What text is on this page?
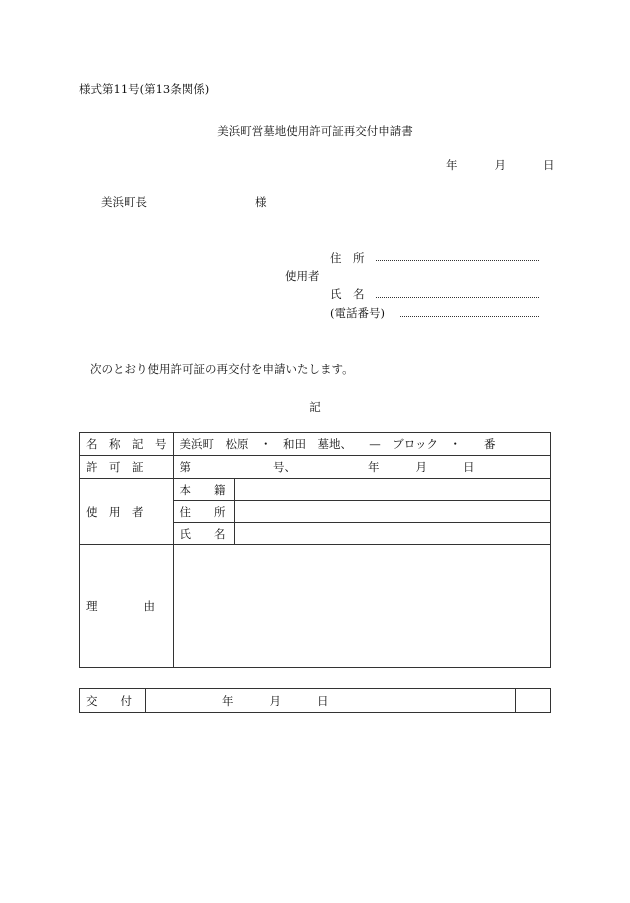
様式第11号(第13条関係)
美浜町営墓地使用許可証再交付申請書
年	月	日
美浜町長	様
使用者
住　所
氏　名
(電話番号)
次のとおり使用許可証の再交付を申請いたします。
記
名　称　記　号	美浜町　松原　・　和田　墓地、　　—　ブロック　・　　番	
許　可　証	第 号、 年 月 日	
使　用　者	本　　籍	
	住　　所	
	氏　　名	
理　　　　由		
交　　付	年	月	日	
